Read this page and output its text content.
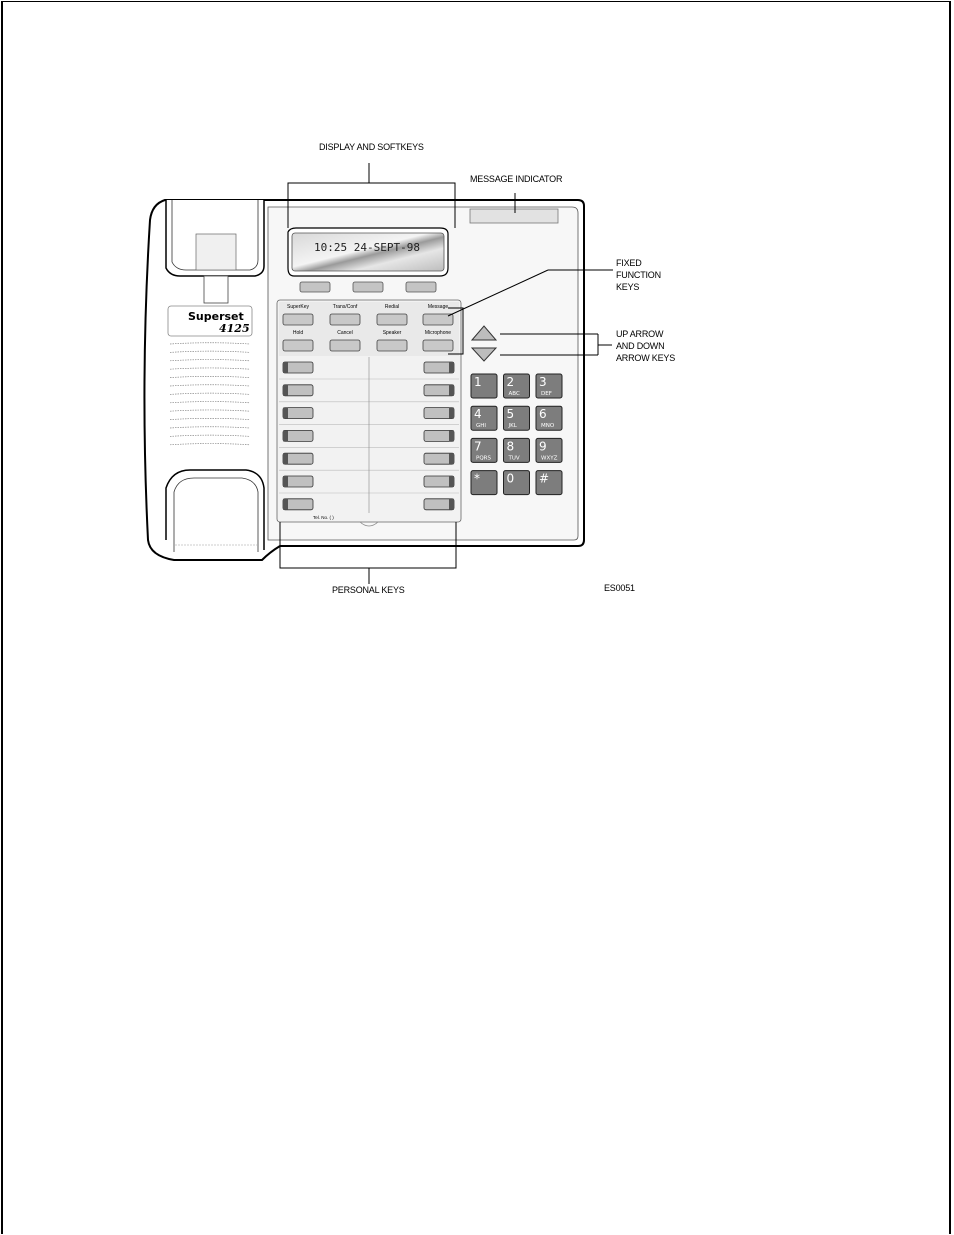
Superset
4125
10:25 24-SEPT-98
SuperKey	Trans/Conf	Redial	Message
Hold	Cancel	Speaker	Microphone
Tel. No. ( )
1 2
ABC
3
DEF
4
GHI
5
JKL
6
MNO
7
PQRS
8
TUV
9
WXYZ
* 0 #
DISPLAY AND SOFTKEYS
MESSAGE INDICATOR
FIXED
FUNCTION
KEYS
UP ARROW
AND DOWN
ARROW KEYS
PERSONAL KEYS	ES0051
